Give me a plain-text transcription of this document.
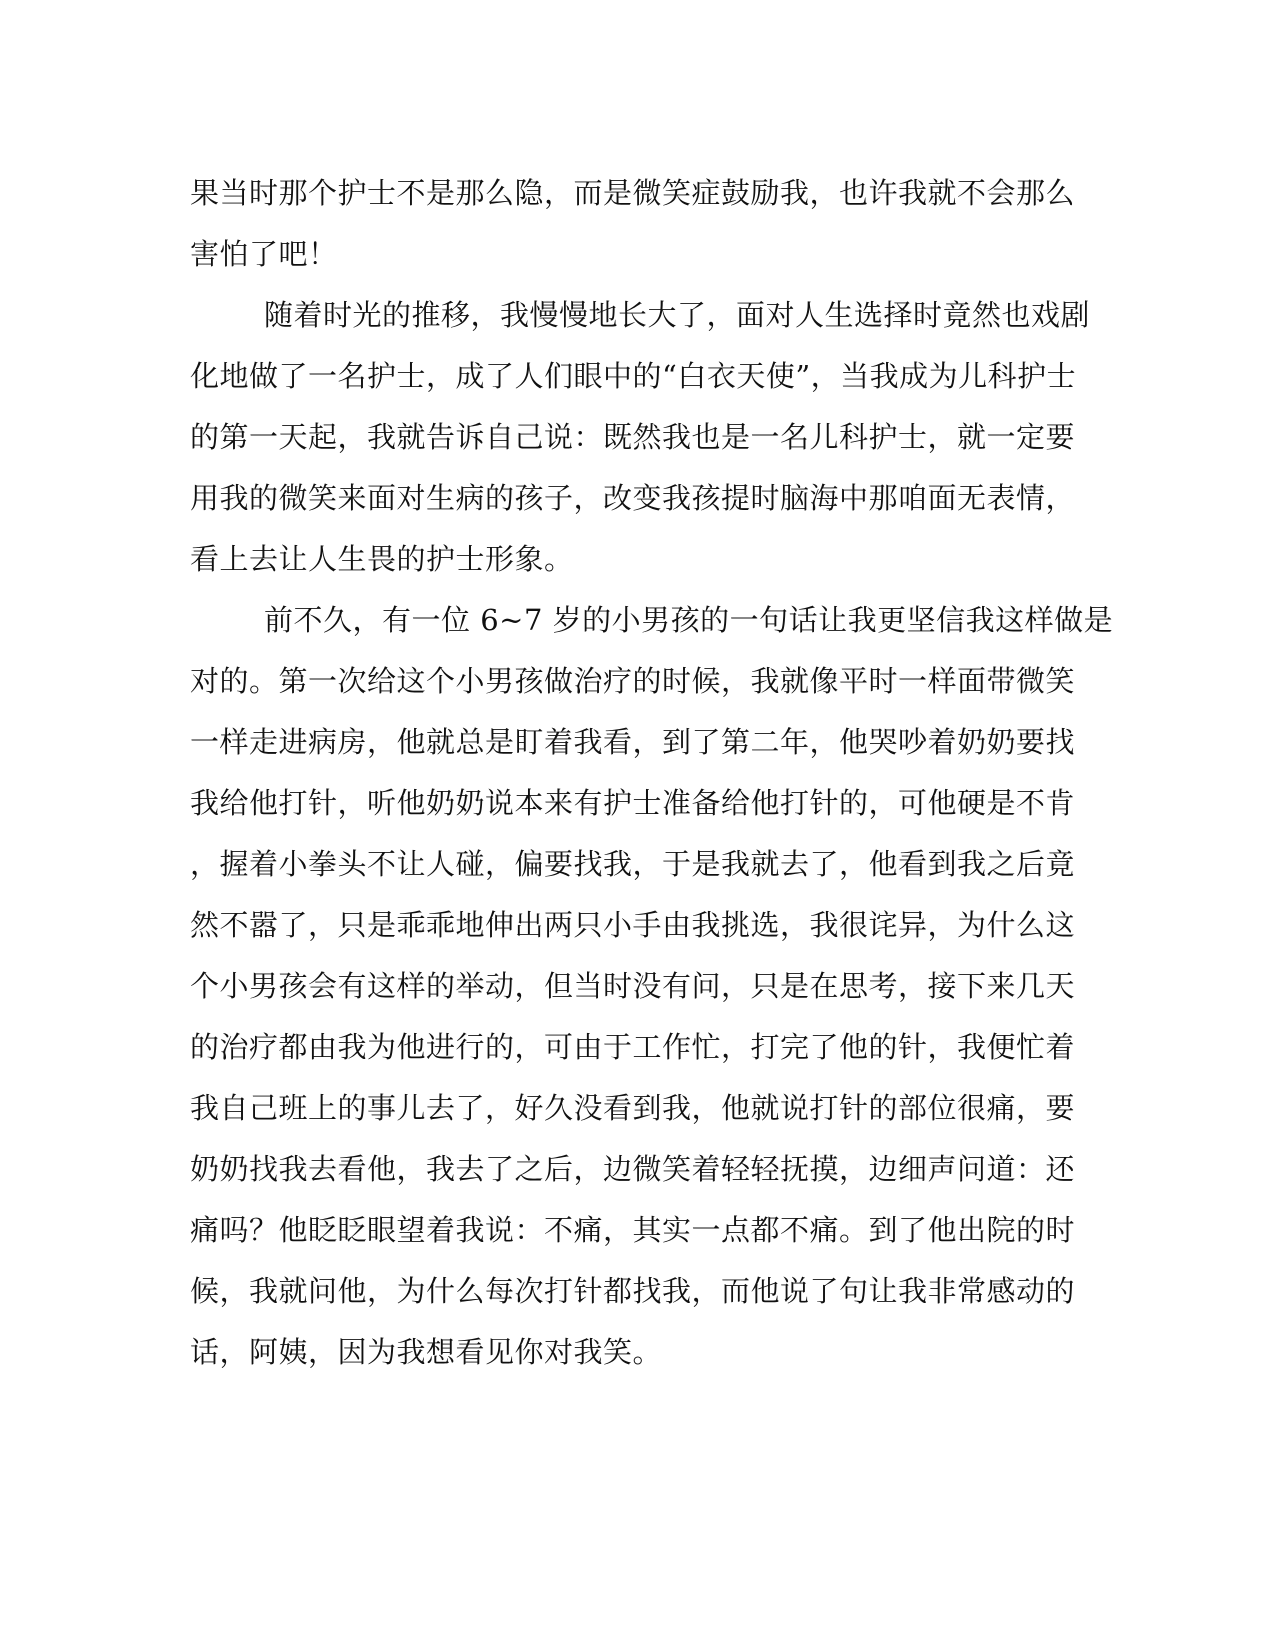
果当时那个护士不是那么隐，而是微笑症鼓励我，也许我就不会那么
害怕了吧！
随着时光的推移，我慢慢地长大了，面对人生选择时竟然也戏剧
化地做了一名护士，成了人们眼中的“白衣天使”，当我成为儿科护士
的第一天起，我就告诉自己说：既然我也是一名儿科护士，就一定要
用我的微笑来面对生病的孩子，改变我孩提时脑海中那咱面无表情，
看上去让人生畏的护士形象。
前不久，有一位 6~7 岁的小男孩的一句话让我更坚信我这样做是
对的。第一次给这个小男孩做治疗的时候，我就像平时一样面带微笑
一样走进病房，他就总是盯着我看，到了第二年，他哭吵着奶奶要找
我给他打针，听他奶奶说本来有护士准备给他打针的，可他硬是不肯
，握着小拳头不让人碰，偏要找我，于是我就去了，他看到我之后竟
然不嚣了，只是乖乖地伸出两只小手由我挑选，我很诧异，为什么这
个小男孩会有这样的举动，但当时没有问，只是在思考，接下来几天
的治疗都由我为他进行的，可由于工作忙，打完了他的针，我便忙着
我自己班上的事儿去了，好久没看到我，他就说打针的部位很痛，要
奶奶找我去看他，我去了之后，边微笑着轻轻抚摸，边细声问道：还
痛吗？他眨眨眼望着我说：不痛，其实一点都不痛。到了他出院的时
候，我就问他，为什么每次打针都找我，而他说了句让我非常感动的
话，阿姨，因为我想看见你对我笑。
